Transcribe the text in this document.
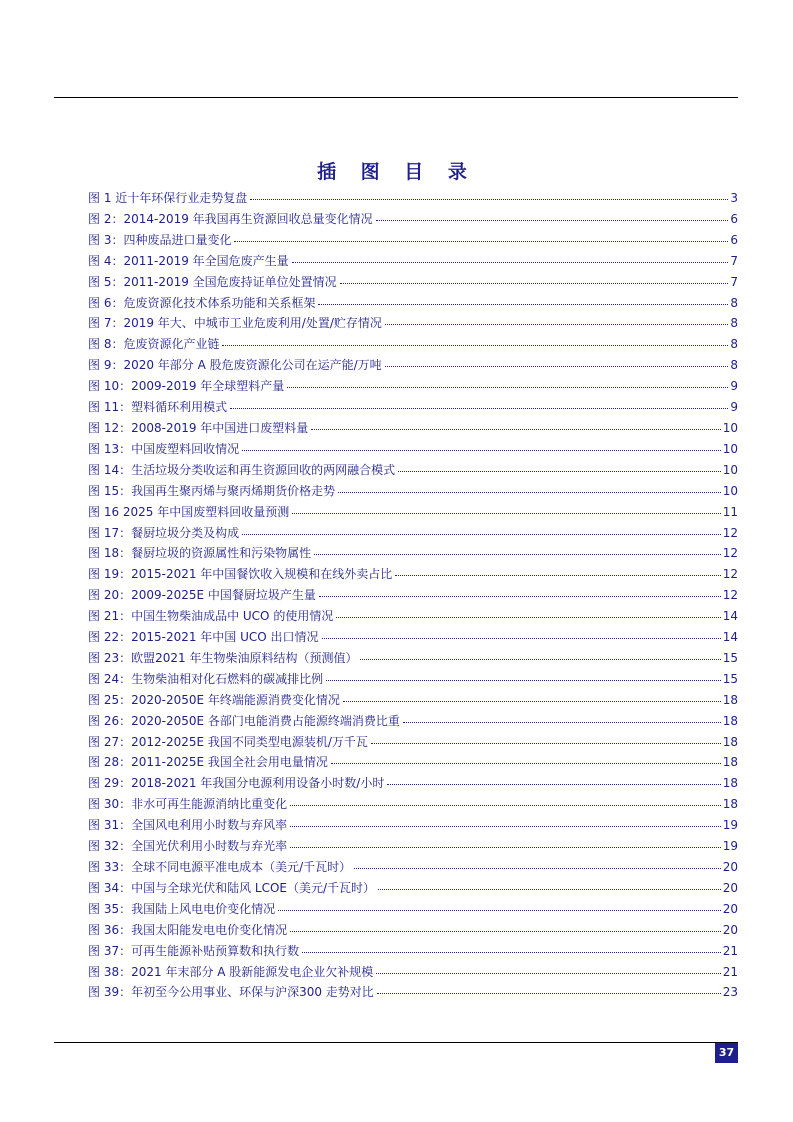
插 图 目 录
图 1 近十年环保行业走势复盘	3
图 2：2014-2019 年我国再生资源回收总量变化情况	6
图 3：四种废品进口量变化	6
图 4：2011-2019 年全国危废产生量	7
图 5：2011-2019 全国危废持证单位处置情况	7
图 6：危废资源化技术体系功能和关系框架	8
图 7：2019 年大、中城市工业危废利用/处置/贮存情况	8
图 8：危废资源化产业链	8
图 9：2020 年部分 A 股危废资源化公司在运产能/万吨	8
图 10：2009-2019 年全球塑料产量	9
图 11：塑料循环利用模式	9
图 12：2008-2019 年中国进口废塑料量	10
图 13：中国废塑料回收情况	10
图 14：生活垃圾分类收运和再生资源回收的两网融合模式	10
图 15：我国再生聚丙烯与聚丙烯期货价格走势	10
图 16 2025 年中国废塑料回收量预测	11
图 17：餐厨垃圾分类及构成	12
图 18：餐厨垃圾的资源属性和污染物属性	12
图 19：2015-2021 年中国餐饮收入规模和在线外卖占比	12
图 20：2009-2025E 中国餐厨垃圾产生量	12
图 21：中国生物柴油成品中 UCO 的使用情况	14
图 22：2015-2021 年中国 UCO 出口情况	14
图 23：欧盟2021 年生物柴油原料结构（预测值）	15
图 24：生物柴油相对化石燃料的碳减排比例	15
图 25：2020-2050E 年终端能源消费变化情况	18
图 26：2020-2050E 各部门电能消费占能源终端消费比重	18
图 27：2012-2025E 我国不同类型电源装机/万千瓦	18
图 28：2011-2025E 我国全社会用电量情况	18
图 29：2018-2021 年我国分电源利用设备小时数/小时	18
图 30：非水可再生能源消纳比重变化	18
图 31：全国风电利用小时数与弃风率	19
图 32：全国光伏利用小时数与弃光率	19
图 33：全球不同电源平准电成本（美元/千瓦时）	20
图 34：中国与全球光伏和陆风 LCOE（美元/千瓦时）	20
图 35：我国陆上风电电价变化情况	20
图 36：我国太阳能发电电价变化情况	20
图 37：可再生能源补贴预算数和执行数	21
图 38：2021 年末部分 A 股新能源发电企业欠补规模	21
图 39：年初至今公用事业、环保与沪深300 走势对比	23
37
